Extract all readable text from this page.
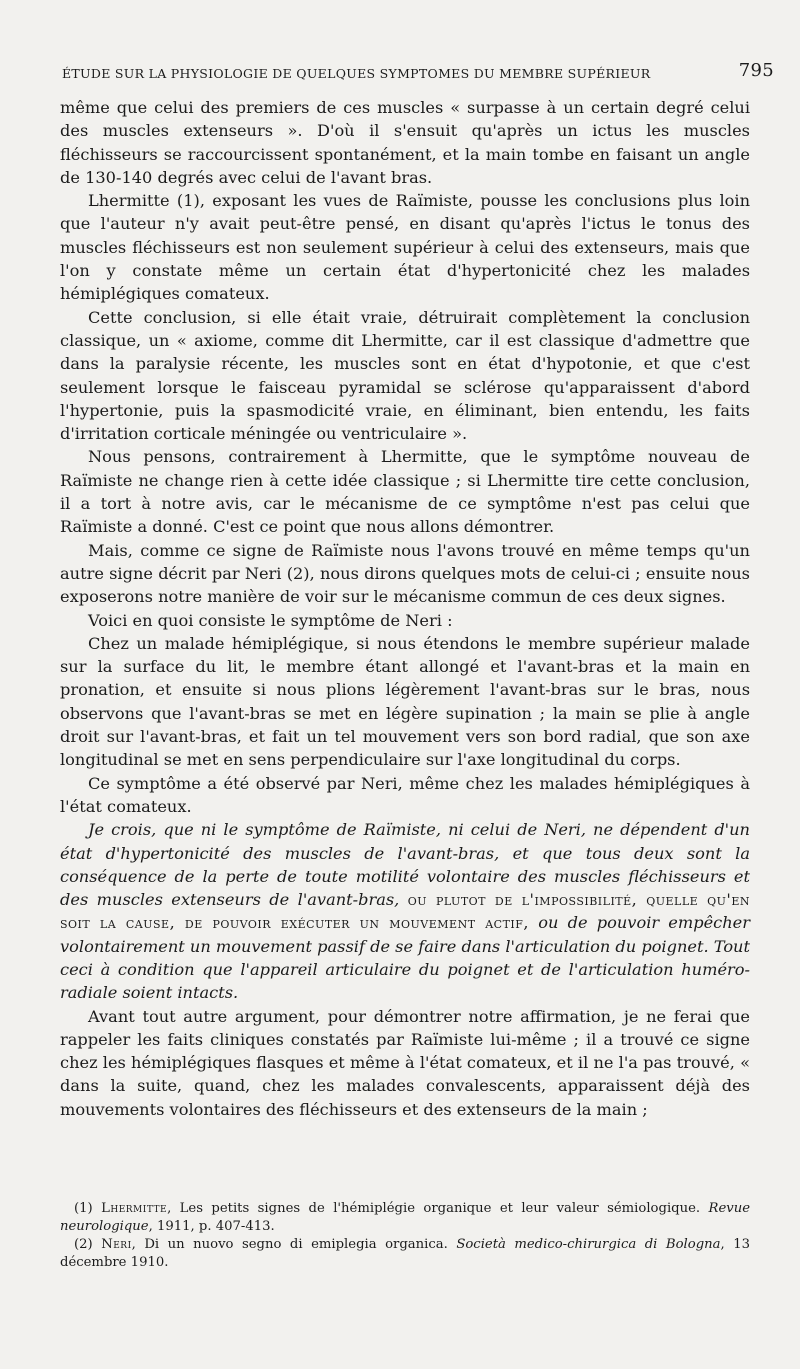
ÉTUDE SUR LA PHYSIOLOGIE DE QUELQUES SYMPTOMES DU MEMBRE SUPÉRIEUR	795

même que celui des premiers de ces muscles « surpasse à un certain degré celui des muscles extenseurs ». D'où il s'ensuit qu'après un ictus les muscles fléchisseurs se raccourcissent spontanément, et la main tombe en faisant un angle de 130-140 degrés avec celui de l'avant bras.

Lhermitte (1), exposant les vues de Raïmiste, pousse les conclusions plus loin que l'auteur n'y avait peut-être pensé, en disant qu'après l'ictus le tonus des muscles fléchisseurs est non seulement supérieur à celui des extenseurs, mais que l'on y constate même un certain état d'hypertonicité chez les malades hémiplégiques comateux.

Cette conclusion, si elle était vraie, détruirait complètement la conclusion classique, un « axiome, comme dit Lhermitte, car il est classique d'admettre que dans la paralysie récente, les muscles sont en état d'hypotonie, et que c'est seulement lorsque le faisceau pyramidal se sclérose qu'apparaissent d'abord l'hypertonie, puis la spasmodicité vraie, en éliminant, bien entendu, les faits d'irritation corticale méningée ou ventriculaire ».

Nous pensons, contrairement à Lhermitte, que le symptôme nouveau de Raïmiste ne change rien à cette idée classique ; si Lhermitte tire cette conclusion, il a tort à notre avis, car le mécanisme de ce symptôme n'est pas celui que Raïmiste a donné. C'est ce point que nous allons démontrer.

Mais, comme ce signe de Raïmiste nous l'avons trouvé en même temps qu'un autre signe décrit par Neri (2), nous dirons quelques mots de celui-ci ; ensuite nous exposerons notre manière de voir sur le mécanisme commun de ces deux signes.

Voici en quoi consiste le symptôme de Neri :

Chez un malade hémiplégique, si nous étendons le membre supérieur malade sur la surface du lit, le membre étant allongé et l'avant-bras et la main en pronation, et ensuite si nous plions légèrement l'avant-bras sur le bras, nous observons que l'avant-bras se met en légère supination ; la main se plie à angle droit sur l'avant-bras, et fait un tel mouvement vers son bord radial, que son axe longitudinal se met en sens perpendiculaire sur l'axe longitudinal du corps.

Ce symptôme a été observé par Neri, même chez les malades hémiplégiques à l'état comateux.

Je crois, que ni le symptôme de Raïmiste, ni celui de Neri, ne dépendent d'un état d'hypertonicité des muscles de l'avant-bras, et que tous deux sont la conséquence de la perte de toute motilité volontaire des muscles fléchisseurs et des muscles extenseurs de l'avant-bras, ou plutot de l'impossibilité, quelle qu'en soit la cause, de pouvoir exécuter un mouvement actif, ou de pouvoir empêcher volontairement un mouvement passif de se faire dans l'articulation du poignet. Tout ceci à condition que l'appareil articulaire du poignet et de l'articulation huméro-radiale soient intacts.

Avant tout autre argument, pour démontrer notre affirmation, je ne ferai que rappeler les faits cliniques constatés par Raïmiste lui-même ; il a trouvé ce signe chez les hémiplégiques flasques et même à l'état comateux, et il ne l'a pas trouvé, « dans la suite, quand, chez les malades convalescents, apparaissent déjà des mouvements volontaires des fléchisseurs et des extenseurs de la main ;

(1) Lhermitte, Les petits signes de l'hémiplégie organique et leur valeur sémiologique. Revue neurologique, 1911, p. 407-413.

(2) Neri, Di un nuovo segno di emiplegia organica. Società medico-chirurgica di Bologna, 13 décembre 1910.
